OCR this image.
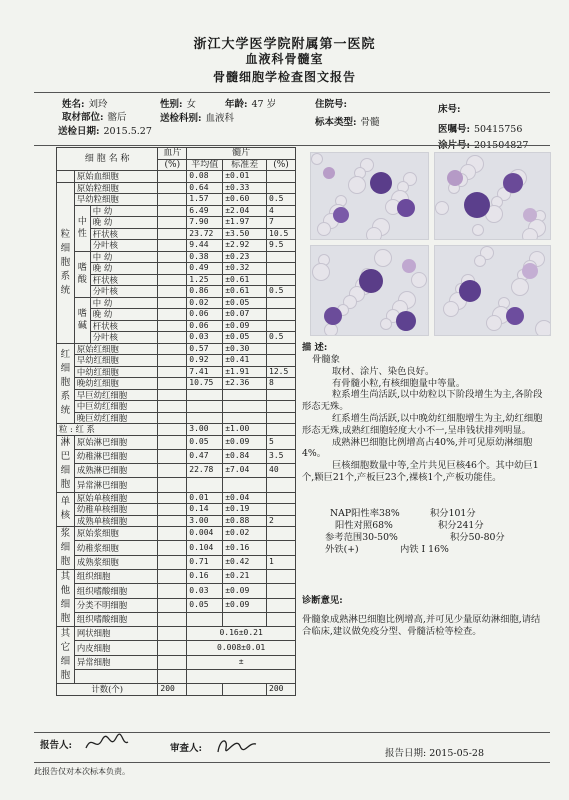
浙江大学医学院附属第一医院
血液科骨髓室
骨髓细胞学检查图文报告
姓名: 刘玲	性别: 女	年龄: 47 岁	住院号:	床号:
取材部位: 髂后	送检科别: 血液科	标本类型: 骨髓
医嘱号: 50415756
送检日期: 2015.5.27
涂片号: 201504827
细 胞 名 称			血片	髓片		
			(%)	平均值	标准差	(%)
	原始血细胞			0.08	±0.01	
粒细胞系统	原始粒细胞			0.64	±0.33	
	早幼粒细胞			1.57	±0.60	0.5
	中性	中 幼		6.49	±2.04	4
		晚 幼		7.90	±1.97	7
		杆状核		23.72	±3.50	10.5
		分叶核		9.44	±2.92	9.5
	嗜酸	中 幼		0.38	±0.23	
		晚 幼		0.49	±0.32	
		杆状核		1.25	±0.61	
		分叶核		0.86	±0.61	0.5
	嗜碱	中 幼		0.02	±0.05	
		晚 幼		0.06	±0.07	
		杆状核		0.06	±0.09	
		分叶核		0.03	±0.05	0.5
红细胞系统	原始红细胞			0.57	±0.30	
	早幼红细胞			0.92	±0.41	
	中幼红细胞			7.41	±1.91	12.5
	晚幼红细胞			10.75	±2.36	8
	早巨幼红细胞					
	中巨幼红细胞					
	晚巨幼红细胞					
粒 : 红 系				3.00	±1.00	
淋巴细胞	原始淋巴细胞			0.05	±0.09	5
	幼稚淋巴细胞			0.47	±0.84	3.5
	成熟淋巴细胞			22.78	±7.04	40
	异常淋巴细胞					
单核	原始单核细胞			0.01	±0.04	
	幼稚单核细胞			0.14	±0.19	
	成熟单核细胞			3.00	±0.88	2
浆细胞	原始浆细胞			0.004	±0.02	
	幼稚浆细胞			0.104	±0.16	
	成熟浆细胞			0.71	±0.42	1
其他细胞	组织细胞			0.16	±0.21	
	组织嗜酸细胞			0.03	±0.09	
	分类不明细胞			0.05	±0.09	
	组织嗜酸细胞					
其它细胞	网状细胞			0.16±0.21		
	内皮细胞			0.008±0.01		
	异常细胞			±		

计数(个)			200			200
描 述:

骨髓象

取材、涂片、染色良好。

有骨髓小粒,有核细胞量中等量。

粒系增生尚活跃,以中幼粒以下阶段增生为主,各阶段形态无殊。

红系增生尚活跃,以中晚幼红细胞增生为主,幼红细胞形态无殊,成熟红细胞轻度大小不一,呈串钱状排列明显。

成熟淋巴细胞比例增高占40%,并可见原幼淋细胞4%。

巨核细胞数量中等,全片共见巨核46个。其中幼巨1个,颗巨21个,产板巨23个,裸核1个,产板功能佳。

NAP阳性率38%	积分101分
阳性对照68%	积分241分
参考范围30-50%	积分50-80分
外铁(+)	内铁 I 16%
诊断意见:
骨髓象成熟淋巴细胞比例增高,并可见少量原幼淋细胞,请结合临床,建议做免疫分型、骨髓活检等检查。
报告人:	审查人:	报告日期: 2015-05-28
此报告仅对本次标本负责。
